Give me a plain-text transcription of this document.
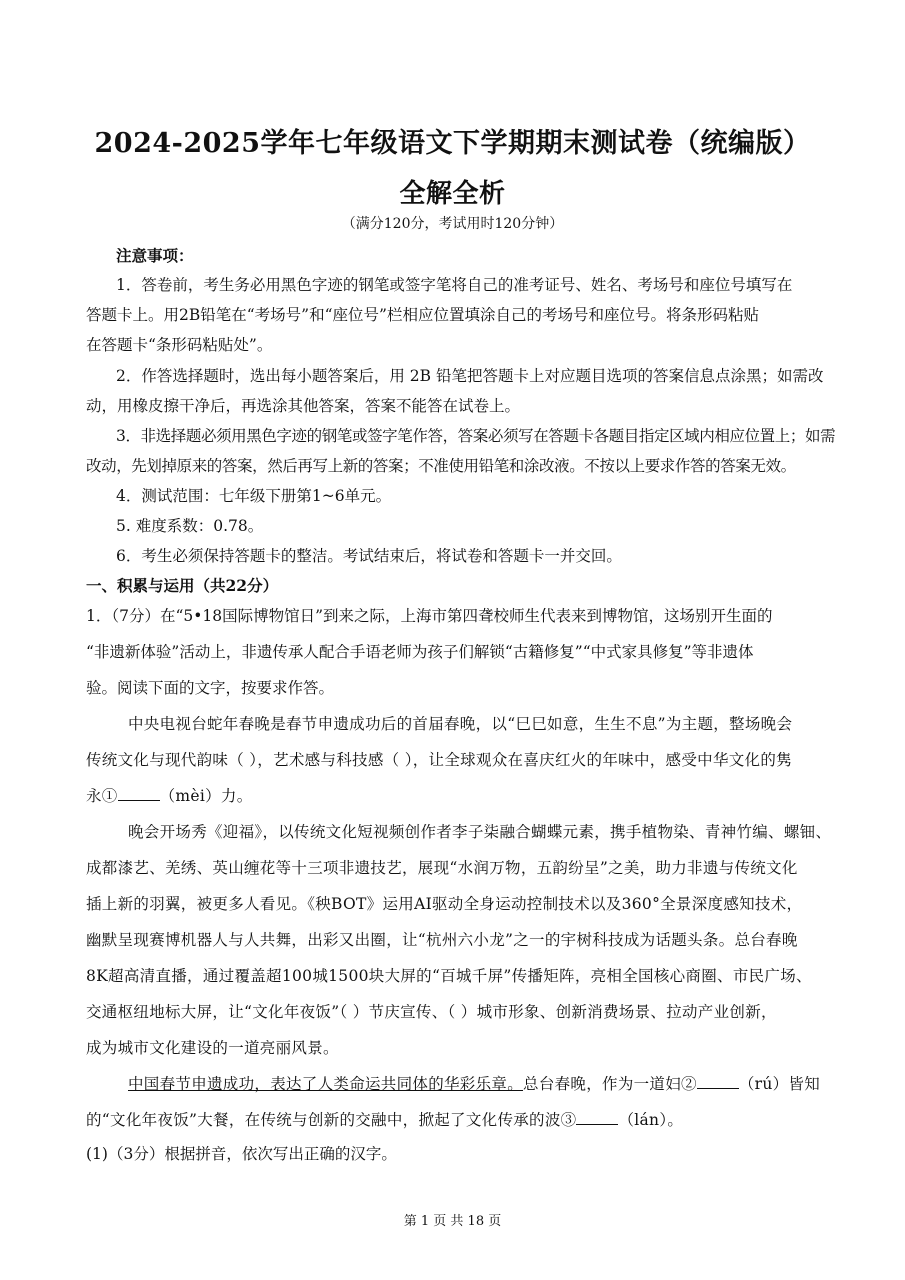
2024-2025学年七年级语文下学期期末测试卷（统编版）
全解全析
（满分120分，考试用时120分钟）
注意事项：
1．答卷前，考生务必用黑色字迹的钢笔或签字笔将自己的准考证号、姓名、考场号和座位号填写在
答题卡上。用2B铅笔在“考场号”和“座位号”栏相应位置填涂自己的考场号和座位号。将条形码粘贴
在答题卡“条形码粘贴处”。
2．作答选择题时，选出每小题答案后，用 2B 铅笔把答题卡上对应题目选项的答案信息点涂黑；如需改
动，用橡皮擦干净后，再选涂其他答案，答案不能答在试卷上。
3．非选择题必须用黑色字迹的钢笔或签字笔作答，答案必须写在答题卡各题目指定区域内相应位置上；如需
改动，先划掉原来的答案，然后再写上新的答案；不准使用铅笔和涂改液。不按以上要求作答的答案无效。
4．测试范围：七年级下册第1~6单元。
5. 难度系数：0.78。
6．考生必须保持答题卡的整洁。考试结束后，将试卷和答题卡一并交回。
一、积累与运用（共22分）
1．（7分）在“5•18国际博物馆日”到来之际，上海市第四聋校师生代表来到博物馆，这场别开生面的
“非遗新体验”活动上，非遗传承人配合手语老师为孩子们解锁“古籍修复”“中式家具修复”等非遗体
验。阅读下面的文字，按要求作答。
中央电视台蛇年春晚是春节申遗成功后的首届春晚，以“巳巳如意，生生不息”为主题，整场晚会
传统文化与现代韵味（ ），艺术感与科技感（ ），让全球观众在喜庆红火的年味中，感受中华文化的隽
永①	（mèi）力。
晚会开场秀《迎福》，以传统文化短视频创作者李子柒融合蝴蝶元素，携手植物染、青神竹编、螺钿、
成都漆艺、羌绣、英山缠花等十三项非遗技艺，展现“水润万物，五韵纷呈”之美，助力非遗与传统文化
插上新的羽翼，被更多人看见。《秧BOT》运用AI驱动全身运动控制技术以及360°全景深度感知技术，
幽默呈现赛博机器人与人共舞，出彩又出圈，让“杭州六小龙”之一的宇树科技成为话题头条。总台春晚
8K超高清直播，通过覆盖超100城1500块大屏的“百城千屏”传播矩阵，亮相全国核心商圈、市民广场、
交通枢纽地标大屏，让“文化年夜饭”（ ）节庆宣传、（ ）城市形象、创新消费场景、拉动产业创新，
成为城市文化建设的一道亮丽风景。
中国春节申遗成功，表达了人类命运共同体的华彩乐章。总台春晚，作为一道妇②	（rú）皆知
的“文化年夜饭”大餐，在传统与创新的交融中，掀起了文化传承的波③	（lán）。
(1)（3分）根据拼音，依次写出正确的汉字。
第 1 页 共 18 页
